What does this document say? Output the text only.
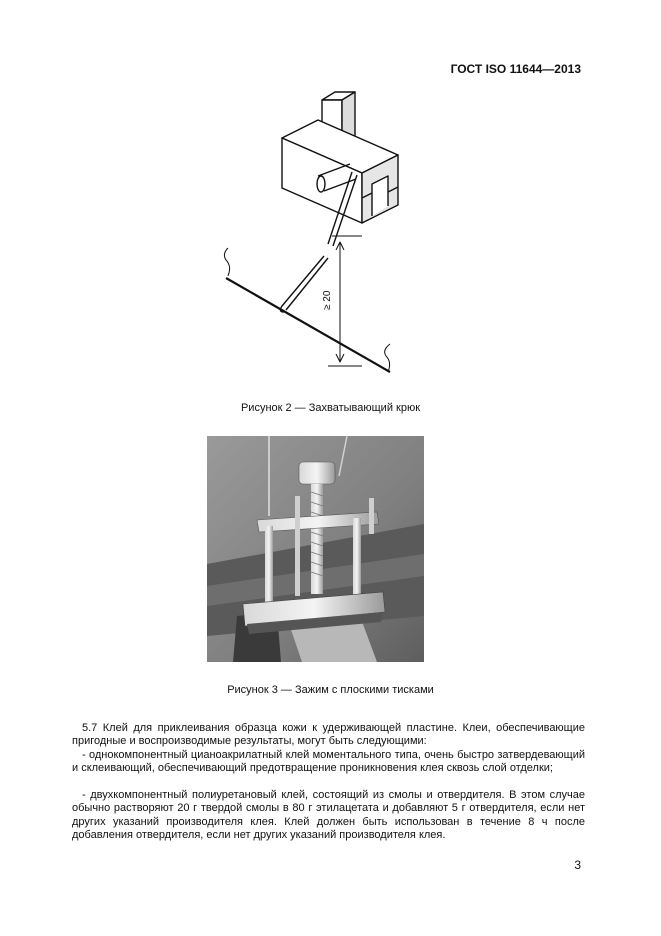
ГОСТ ISO 11644—2013
≥ 20
Рисунок 2 — Захватывающий крюк
Рисунок 3 — Зажим с плоскими тисками

5.7 Клей для приклеивания образца кожи к удерживающей пластине. Клеи, обеспечивающие пригодные и воспроизводимые результаты, могут быть следующими:

- однокомпонентный цианоакрилатный клей моментального типа, очень быстро затвердевающий и склеивающий, обеспечивающий предотвращение проникновения клея сквозь слой отделки;

- двухкомпонентный полиуретановый клей, состоящий из смолы и отвердителя. В этом случае обычно растворяют 20 г твердой смолы в 80 г этилацетата и добавляют 5 г отвердителя, если нет других указаний производителя клея. Клей должен быть использован в течение 8 ч после добавления отвердителя, если нет других указаний производителя клея.

3
